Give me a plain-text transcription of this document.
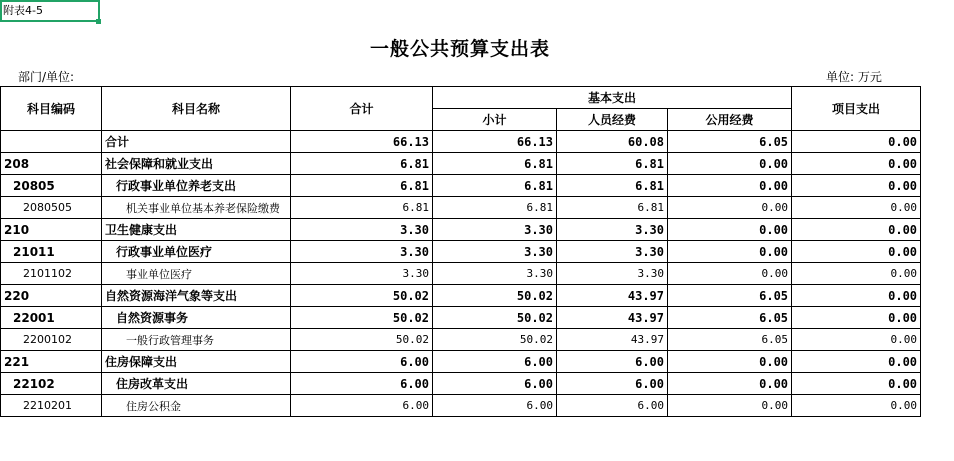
附表4-5
一般公共预算支出表
部门/单位:	单位: 万元
科目编码	科目名称	合计	基本支出			项目支出
			小计	人员经费	公用经费	
	合计	66.13	66.13	60.08	6.05	0.00
208	社会保障和就业支出	6.81	6.81	6.81	0.00	0.00
20805	行政事业单位养老支出	6.81	6.81	6.81	0.00	0.00
2080505	机关事业单位基本养老保险缴费	6.81	6.81	6.81	0.00	0.00
210	卫生健康支出	3.30	3.30	3.30	0.00	0.00
21011	行政事业单位医疗	3.30	3.30	3.30	0.00	0.00
2101102	事业单位医疗	3.30	3.30	3.30	0.00	0.00
220	自然资源海洋气象等支出	50.02	50.02	43.97	6.05	0.00
22001	自然资源事务	50.02	50.02	43.97	6.05	0.00
2200102	一般行政管理事务	50.02	50.02	43.97	6.05	0.00
221	住房保障支出	6.00	6.00	6.00	0.00	0.00
22102	住房改革支出	6.00	6.00	6.00	0.00	0.00
2210201	住房公积金	6.00	6.00	6.00	0.00	0.00
